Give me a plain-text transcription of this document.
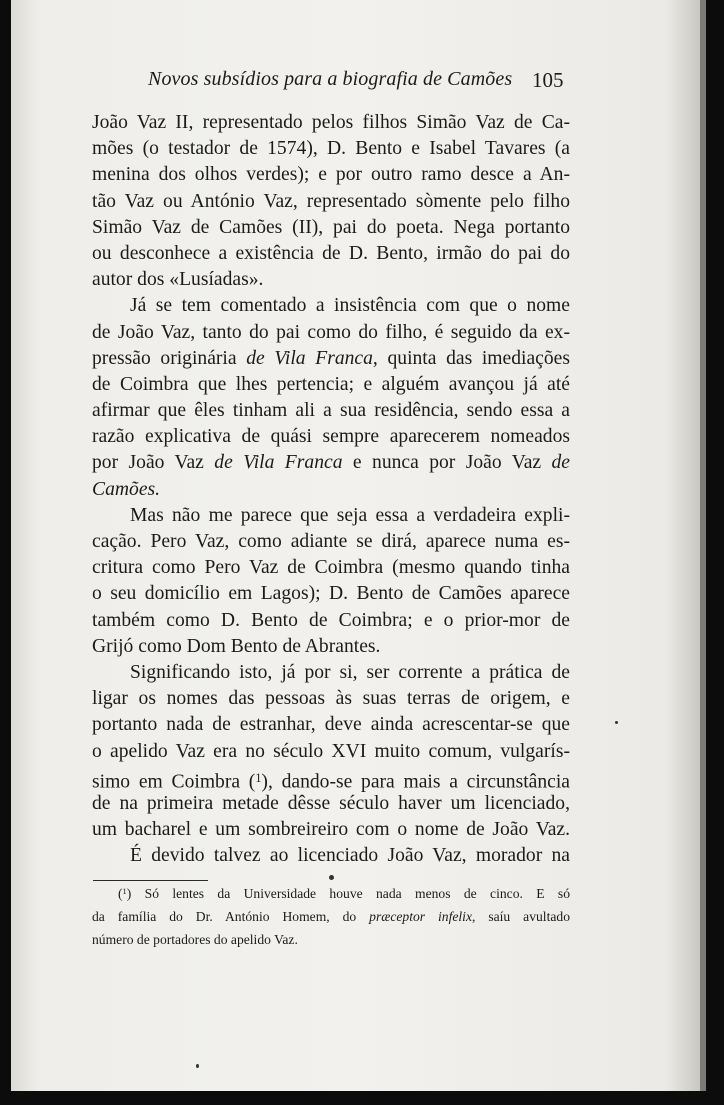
Novos subsídios para a biografia de Camões 105
João Vaz II, representado pelos filhos Simão Vaz de Ca-
mões (o testador de 1574), D. Bento e Isabel Tavares (a
menina dos olhos verdes); e por outro ramo desce a An-
tão Vaz ou António Vaz, representado sòmente pelo filho
Simão Vaz de Camões (II), pai do poeta. Nega portanto
ou desconhece a existência de D. Bento, irmão do pai do
autor dos «Lusíadas».
Já se tem comentado a insistência com que o nome
de João Vaz, tanto do pai como do filho, é seguido da ex-
pressão originária de Vila Franca, quinta das imediações
de Coimbra que lhes pertencia; e alguém avançou já até
afirmar que êles tinham ali a sua residência, sendo essa a
razão explicativa de quási sempre aparecerem nomeados
por João Vaz de Vila Franca e nunca por João Vaz de
Camões.
Mas não me parece que seja essa a verdadeira expli-
cação. Pero Vaz, como adiante se dirá, aparece numa es-
critura como Pero Vaz de Coimbra (mesmo quando tinha
o seu domicílio em Lagos); D. Bento de Camões aparece
também como D. Bento de Coimbra; e o prior-mor de
Grijó como Dom Bento de Abrantes.
Significando isto, já por si, ser corrente a prática de
ligar os nomes das pessoas às suas terras de origem, e
portanto nada de estranhar, deve ainda acrescentar-se que
o apelido Vaz era no século XVI muito comum, vulgarís-
simo em Coimbra ($^1$), dando-se para mais a circunstância
de na primeira metade dêsse século haver um licenciado,
um bacharel e um sombreireiro com o nome de João Vaz.
É devido talvez ao licenciado João Vaz, morador na
($^1$) Só lentes da Universidade houve nada menos de cinco. E só
da família do Dr. António Homem, do præceptor infelix, saíu avultado
número de portadores do apelido Vaz.
